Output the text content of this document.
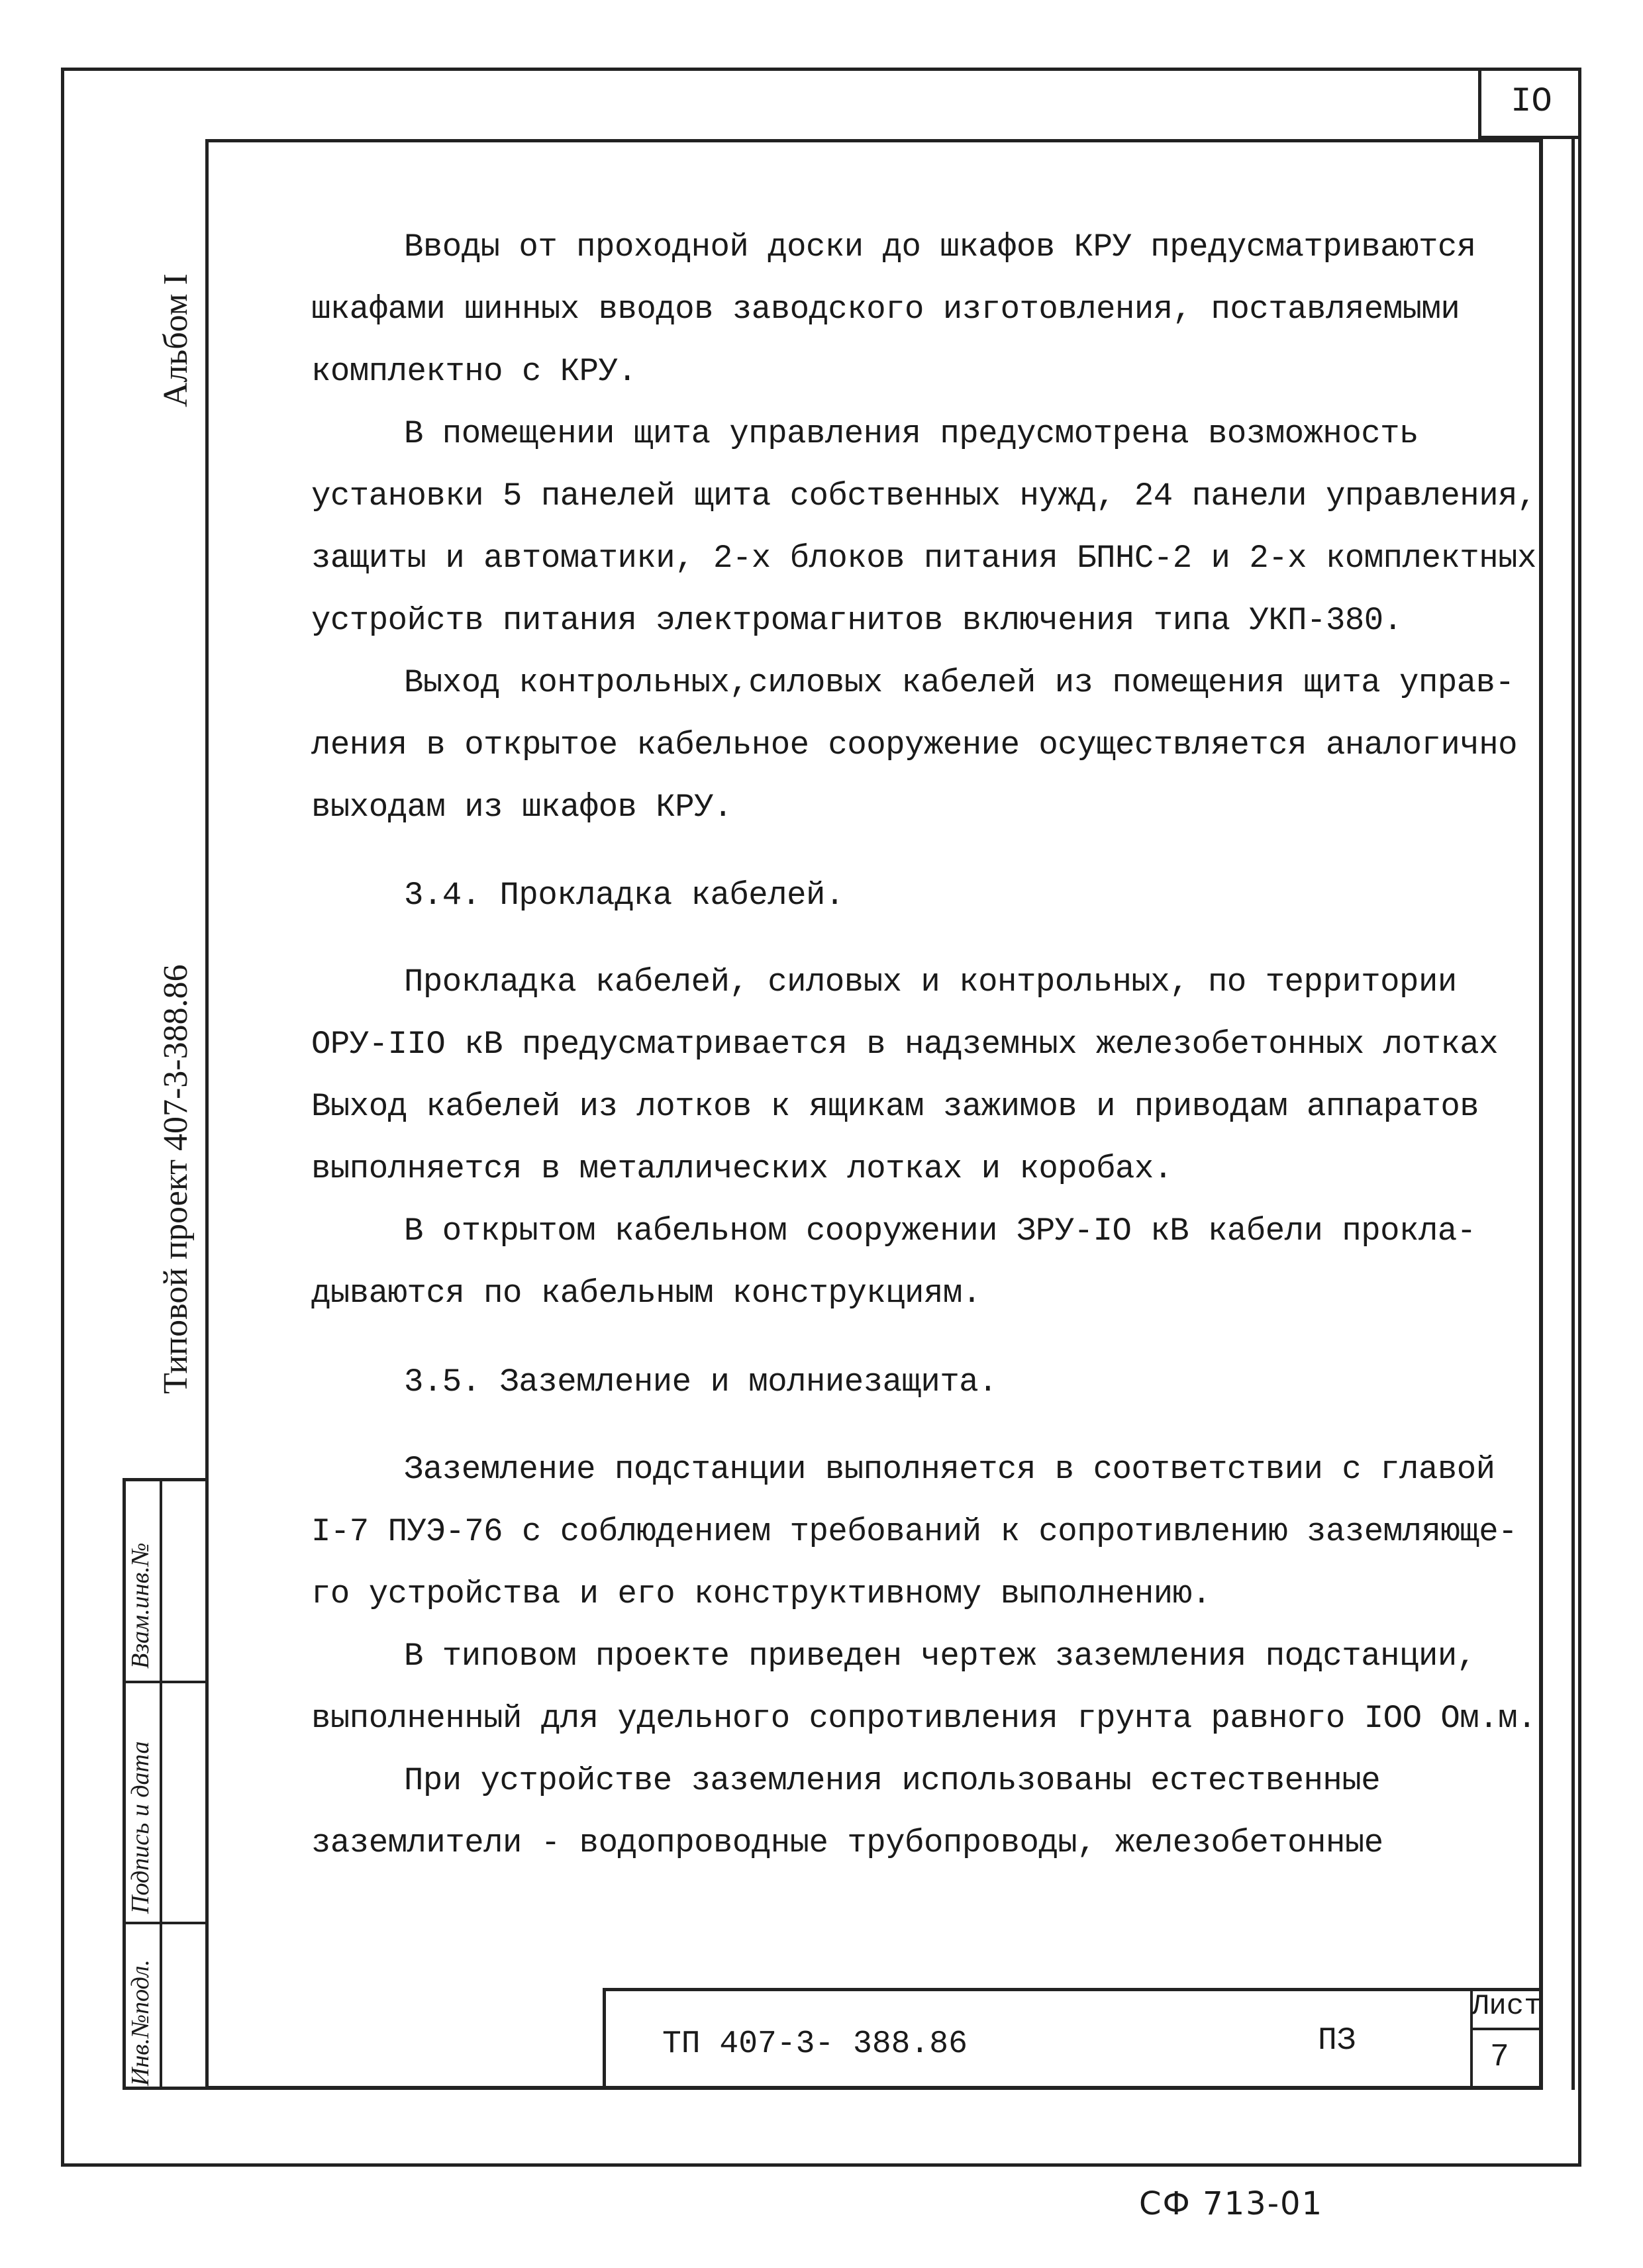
IO
Альбом I
Типовой проект 407-3-388.86
Взам.инв.№
Подпись и дата
Инв.№подл.
Вводы от проходной доски до шкафов КРУ предусматриваются
шкафами шинных вводов заводского изготовления, поставляемыми
комплектно с КРУ.
В помещении щита управления предусмотрена возможность
установки 5 панелей щита собственных нужд, 24 панели управления,
защиты и автоматики, 2-х блоков питания БПНС-2 и 2-х комплектных
устройств питания электромагнитов включения типа УКП-380.
Выход контрольных,силовых кабелей из помещения щита управ-
ления в открытое кабельное сооружение осуществляется аналогично
выходам из шкафов КРУ.
3.4. Прокладка кабелей.
Прокладка кабелей, силовых и контрольных, по территории
ОРУ-IIO кВ предусматривается в надземных железобетонных лотках
Выход кабелей из лотков к ящикам зажимов и приводам аппаратов
выполняется в металлических лотках и коробах.
В открытом кабельном сооружении ЗРУ-IO кВ кабели прокла-
дываются по кабельным конструкциям.
3.5. Заземление и молниезащита.
Заземление подстанции выполняется в соответствии с главой
I-7 ПУЭ-76 с соблюдением требований к сопротивлению заземляюще-
го устройства и его конструктивному выполнению.
В типовом проекте приведен чертеж заземления подстанции,
выполненный для удельного сопротивления грунта равного IOO Ом.м.
При устройстве заземления использованы естественные
заземлители - водопроводные трубопроводы, железобетонные
ТП 407-3- 388.86	ПЗ
Лист
7
СФ 713-01
